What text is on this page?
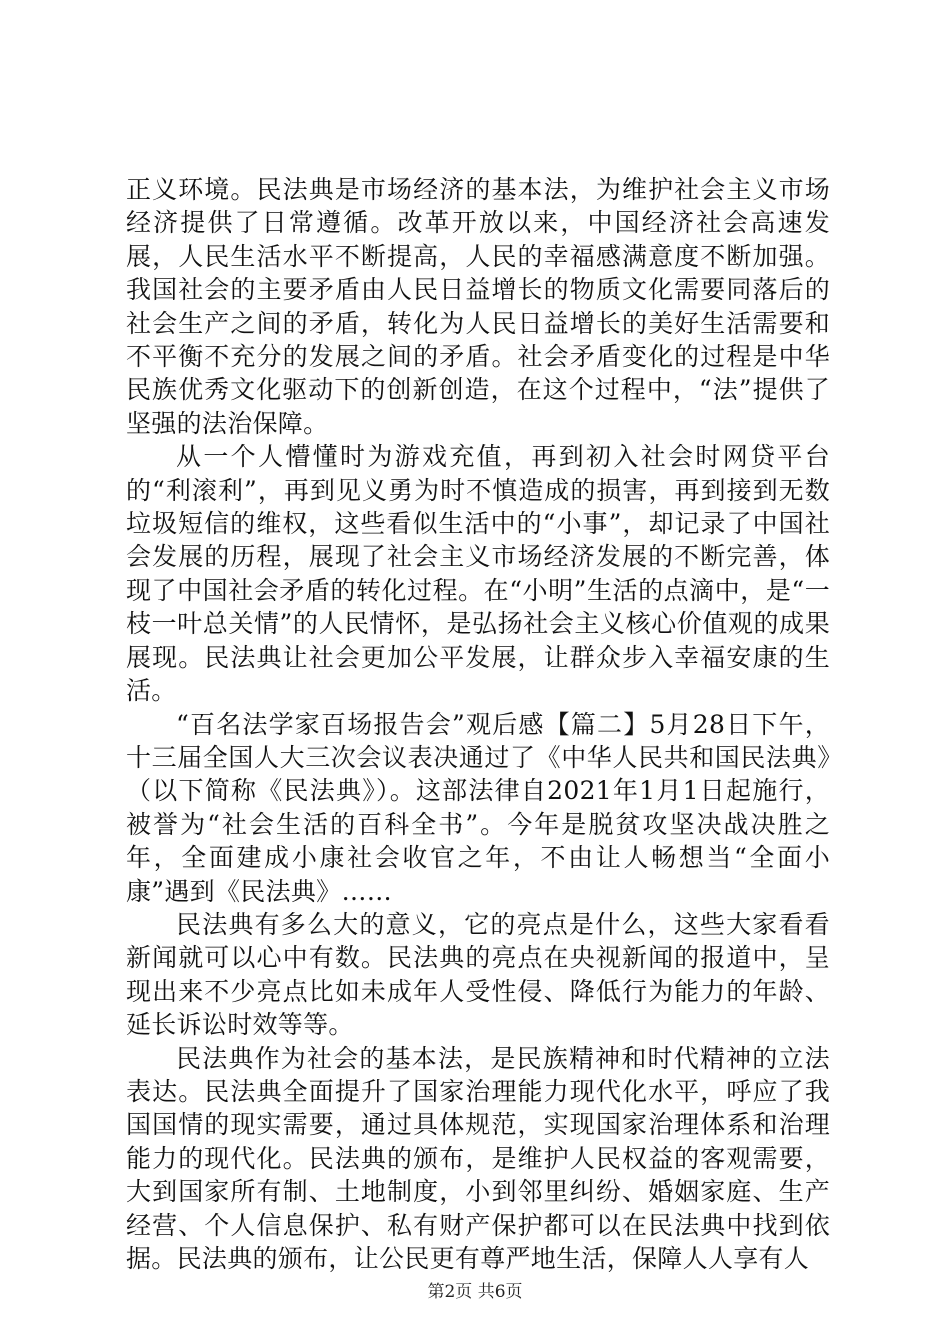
正义环境。民法典是市场经济的基本法，为维护社会主义市场经济提供了日常遵循。改革开放以来，中国经济社会高速发展，人民生活水平不断提高，人民的幸福感满意度不断加强。我国社会的主要矛盾由人民日益增长的物质文化需要同落后的社会生产之间的矛盾，转化为人民日益增长的美好生活需要和不平衡不充分的发展之间的矛盾。社会矛盾变化的过程是中华民族优秀文化驱动下的创新创造，在这个过程中，“法”提供了坚强的法治保障。

从一个人懵懂时为游戏充值，再到初入社会时网贷平台的“利滚利”，再到见义勇为时不慎造成的损害，再到接到无数垃圾短信的维权，这些看似生活中的“小事”，却记录了中国社会发展的历程，展现了社会主义市场经济发展的不断完善，体现了中国社会矛盾的转化过程。在“小明”生活的点滴中，是“一枝一叶总关情”的人民情怀，是弘扬社会主义核心价值观的成果展现。民法典让社会更加公平发展，让群众步入幸福安康的生活。

“百名法学家百场报告会”观后感【篇二】5月28日下午，十三届全国人大三次会议表决通过了《中华人民共和国民法典》（以下简称《民法典》）。这部法律自2021年1月1日起施行，被誉为“社会生活的百科全书”。今年是脱贫攻坚决战决胜之年，全面建成小康社会收官之年，不由让人畅想当“全面小康”遇到《民法典》……

民法典有多么大的意义，它的亮点是什么，这些大家看看新闻就可以心中有数。民法典的亮点在央视新闻的报道中，呈现出来不少亮点比如未成年人受性侵、降低行为能力的年龄、延长诉讼时效等等。

民法典作为社会的基本法，是民族精神和时代精神的立法表达。民法典全面提升了国家治理能力现代化水平，呼应了我国国情的现实需要，通过具体规范，实现国家治理体系和治理能力的现代化。民法典的颁布，是维护人民权益的客观需要，大到国家所有制、土地制度，小到邻里纠纷、婚姻家庭、生产经营、个人信息保护、私有财产保护都可以在民法典中找到依据。民法典的颁布，让公民更有尊严地生活，保障人人享有人

第2页 共6页
